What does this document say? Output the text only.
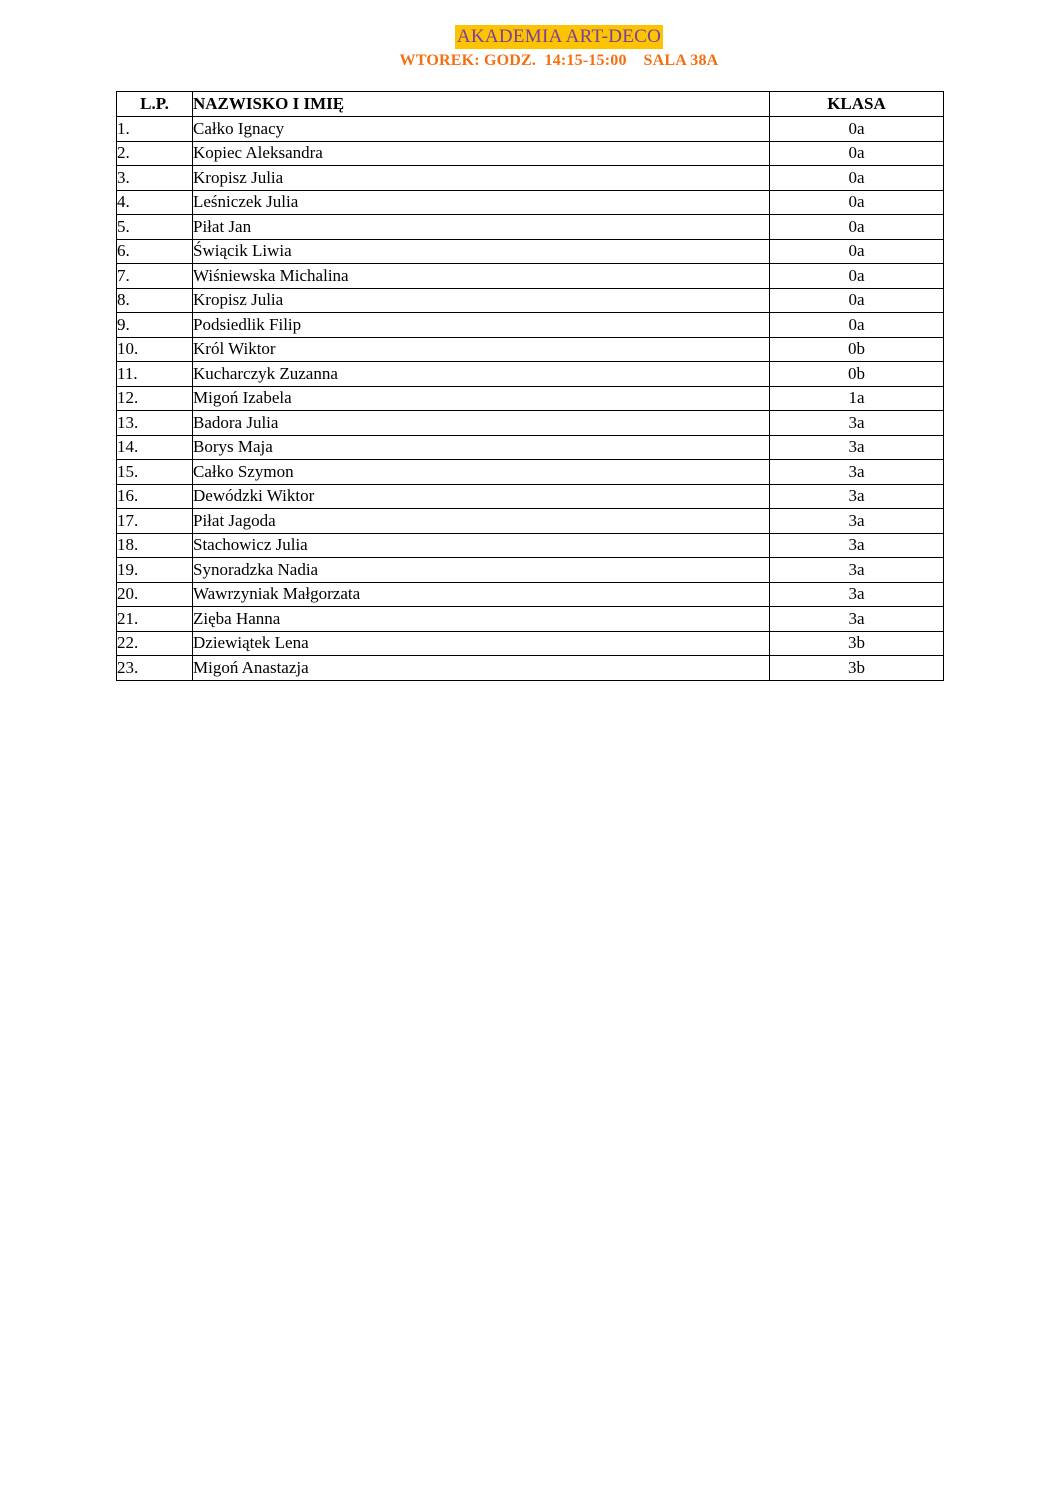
AKADEMIA ART-DECO
WTOREK: GODZ.  14:15-15:00    SALA 38A
L.P.	NAZWISKO I IMIĘ	KLASA
1.	Całko Ignacy	0a
2.	Kopiec Aleksandra	0a
3.	Kropisz Julia	0a
4.	Leśniczek Julia	0a
5.	Piłat Jan	0a
6.	Świącik Liwia	0a
7.	Wiśniewska Michalina	0a
8.	Kropisz Julia	0a
9.	Podsiedlik Filip	0a
10.	Król Wiktor	0b
11.	Kucharczyk Zuzanna	0b
12.	Migoń Izabela	1a
13.	Badora Julia	3a
14.	Borys Maja	3a
15.	Całko Szymon	3a
16.	Dewódzki Wiktor	3a
17.	Piłat Jagoda	3a
18.	Stachowicz Julia	3a
19.	Synoradzka Nadia	3a
20.	Wawrzyniak Małgorzata	3a
21.	Zięba Hanna	3a
22.	Dziewiątek Lena	3b
23.	Migoń Anastazja	3b
